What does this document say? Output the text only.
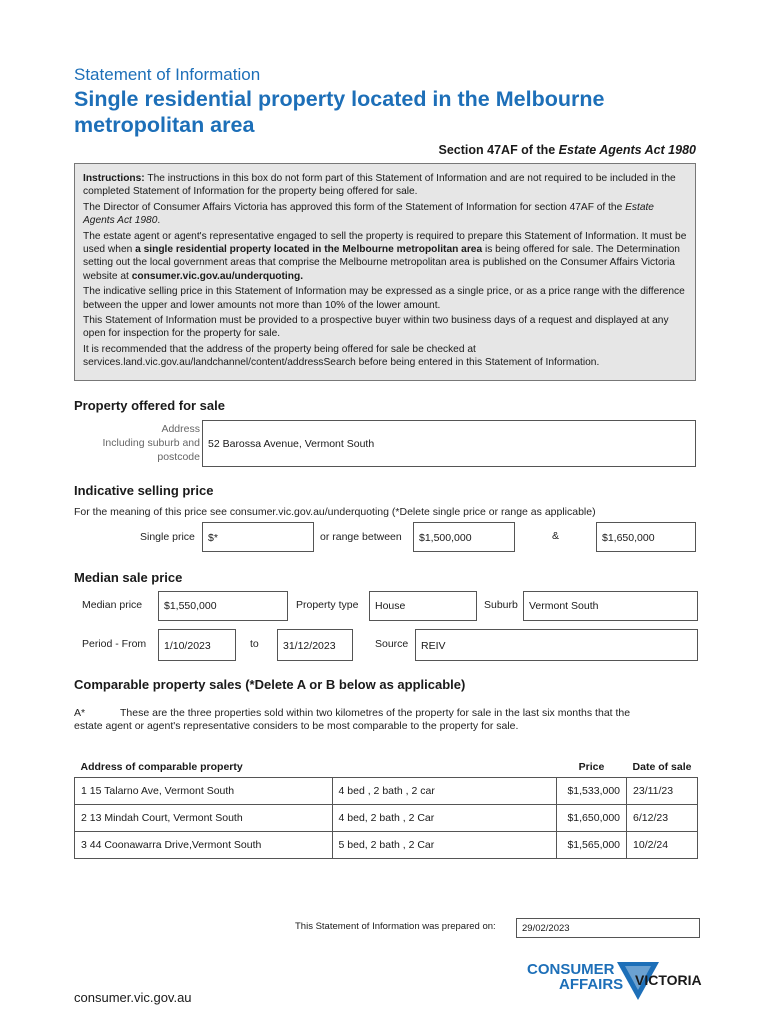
Statement of Information
Single residential property located in the Melbourne metropolitan area
Section 47AF of the Estate Agents Act 1980

Instructions: The instructions in this box do not form part of this Statement of Information and are not required to be included in the completed Statement of Information for the property being offered for sale.

The Director of Consumer Affairs Victoria has approved this form of the Statement of Information for section 47AF of the Estate Agents Act 1980.

The estate agent or agent's representative engaged to sell the property is required to prepare this Statement of Information. It must be used when a single residential property located in the Melbourne metropolitan area is being offered for sale. The Determination setting out the local government areas that comprise the Melbourne metropolitan area is published on the Consumer Affairs Victoria website at consumer.vic.gov.au/underquoting.

The indicative selling price in this Statement of Information may be expressed as a single price, or as a price range with the difference between the upper and lower amounts not more than 10% of the lower amount.

This Statement of Information must be provided to a prospective buyer within two business days of a request and displayed at any open for inspection for the property for sale.

It is recommended that the address of the property being offered for sale be checked at services.land.vic.gov.au/landchannel/content/addressSearch before being entered in this Statement of Information.

Property offered for sale
Address
Including suburb and
postcode
52 Barossa Avenue, Vermont South
Indicative selling price
For the meaning of this price see consumer.vic.gov.au/underquoting (*Delete single price or range as applicable)
Single price	$*	or range between	$1,500,000	&	$1,650,000
Median sale price
Median price	$1,550,000	Property type	House	Suburb	Vermont South
Period - From	1/10/2023	to	31/12/2023	Source	REIV
Comparable property sales (*Delete A or B below as applicable)
A*	These are the three properties sold within two kilometres of the property for sale in the last six months that the
estate agent or agent's representative considers to be most comparable to the property for sale.
Address of comparable property		Price	Date of sale
1 15 Talarno Ave, Vermont South	4 bed , 2 bath , 2 car	$1,533,000	23/11/23
2 13 Mindah Court, Vermont South	4 bed, 2 bath , 2 Car	$1,650,000	6/12/23
3 44 Coonawarra Drive,Vermont South	5 bed, 2 bath , 2 Car	$1,565,000	10/2/24
This Statement of Information was prepared on:	29/02/2023
CONSUMER
AFFAIRS VICTORIA
consumer.vic.gov.au
